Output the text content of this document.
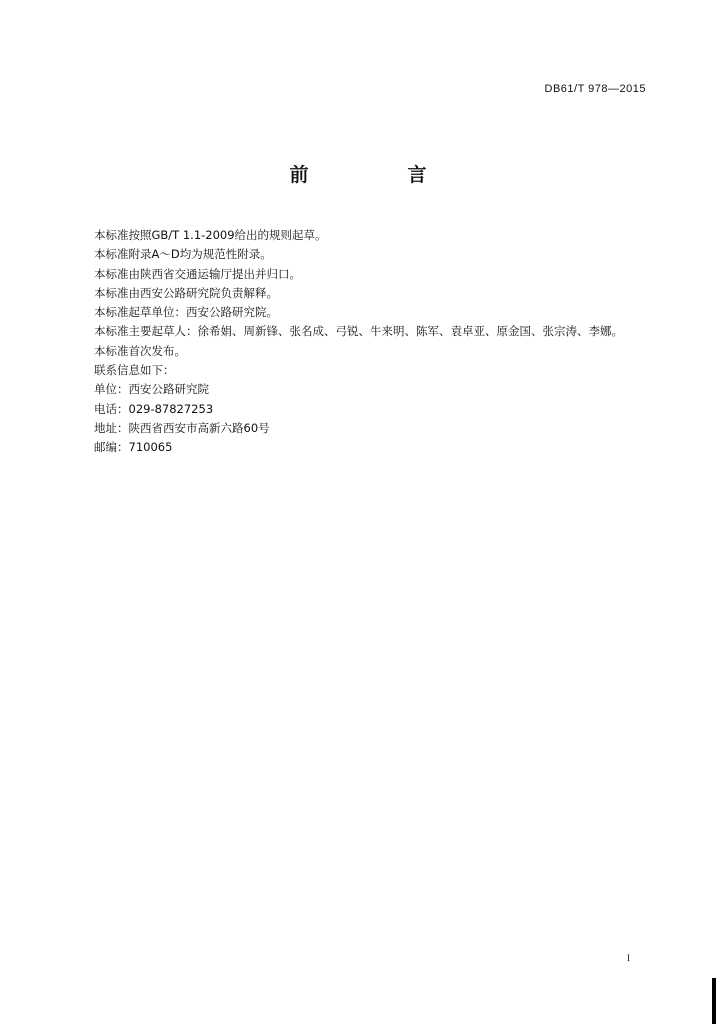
DB61/T 978—2015
前　言

本标准按照GB/T 1.1-2009给出的规则起草。

本标准附录A～D均为规范性附录。

本标准由陕西省交通运输厅提出并归口。

本标准由西安公路研究院负责解释。

本标准起草单位：西安公路研究院。

本标准主要起草人：徐希娟、周新锋、张名成、弓锐、牛来明、陈军、袁卓亚、原金国、张宗涛、李娜。

本标准首次发布。

联系信息如下：

单位：西安公路研究院

电话：029-87827253

地址：陕西省西安市高新六路60号

邮编：710065

I
